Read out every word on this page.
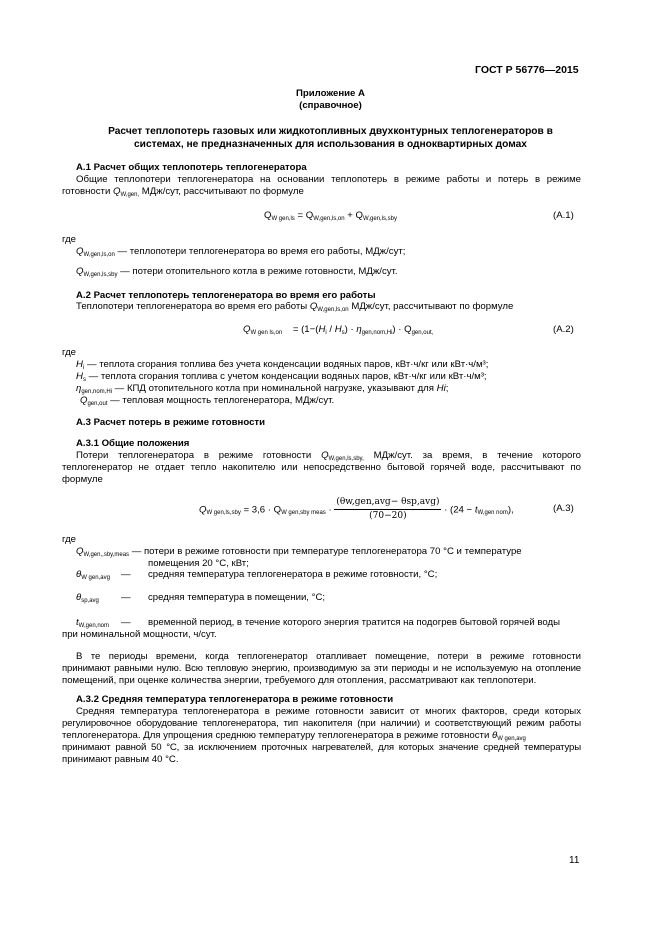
ГОСТ Р 56776—2015
Приложение А
(справочное)
Расчет теплопотерь газовых или жидкотопливных двухконтурных теплогенераторов в
системах, не предназначенных для использования в одноквартирных домах
А.1 Расчет общих теплопотерь теплогенератора
Общие теплопотери теплогенератора на основании теплопотерь в режиме работы и потерь в режиме
готовности QW,gen, МДж/сут, рассчитывают по формуле
QW gen,ls = QW,gen,ls,on + QW,gen,ls,sby	(А.1)
где
QW,gen,ls,on — теплопотери теплогенератора во время его работы, МДж/сут;
QW,gen,ls,sby — потери отопительного котла в режиме готовности, МДж/сут.
А.2 Расчет теплопотерь теплогенератора во время его работы
Теплопотери теплогенератора во время его работы QW,gen,ls,on МДж/сут, рассчитывают по формуле
QW gen ls,on = (1−(Hi / Hs) · ηgen,nom,Hi) · Qgen,out,	(А.2)
где
Hi — теплота сгорания топлива без учета конденсации водяных паров, кВт·ч/кг или кВт·ч/м³;
Hs — теплота сгорания топлива с учетом конденсации водяных паров, кВт·ч/кг или кВт·ч/м³;
ηgen,nom,Hi — КПД отопительного котла при номинальной нагрузке, указывают для Hi;
Qgen,out — тепловая мощность теплогенератора, МДж/сут.
А.3 Расчет потерь в режиме готовности
А.3.1 Общие положения
Потери теплогенератора в режиме готовности QW,gen,ls,sby, МДж/сут. за время, в течение которого
теплогенератор не отдает тепло накопителю или непосредственно бытовой горячей воде, рассчитывают по
формуле
QW gen,ls,sby = 3,6 · QW gen,sby meas · $\frac{\text{(θw,gen,avg− θsp,avg)}}{(70-20)} \cdot (24 - tW,gen$ nom),	(А.3)
где
QW,gen,,sby,meas — потери в режиме готовности при температуре теплогенератора 70 °С и температуре
помещения 20 °С, кВт;
θW gen,avg — средняя температура теплогенератора в режиме готовности, °С;
θsp,avg — средняя температура в помещении, °С;
tW,gen,nom — временной период, в течение которого энергия тратится на подогрев бытовой горячей воды
при номинальной мощности, ч/сут.
В те периоды времени, когда теплогенератор отапливает помещение, потери в режиме готовности
принимают равными нулю. Всю тепловую энергию, производимую за эти периоды и не используемую на отопление
помещений, при оценке количества энергии, требуемого для отопления, рассматривают как теплопотери.
А.3.2 Средняя температура теплогенератора в режиме готовности
Средняя температура теплогенератора в режиме готовности зависит от многих факторов, среди которых
регулировочное оборудование теплогенератора, тип накопителя (при наличии) и соответствующий режим работы
теплогенератора. Для упрощения среднюю температуру теплогенератора в режиме готовности θW gen,avg
принимают равной 50 °С, за исключением проточных нагревателей, для которых значение средней температуры
принимают равным 40 °С.
11
